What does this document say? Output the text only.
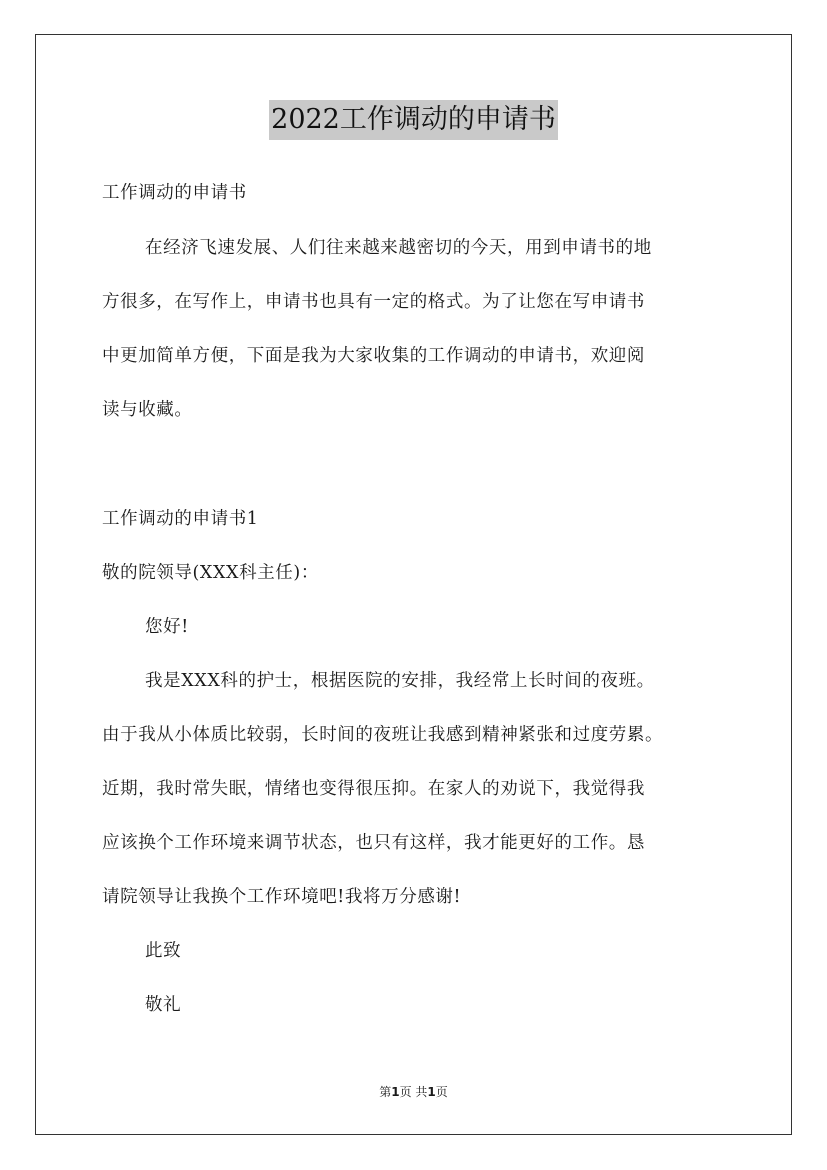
2022工作调动的申请书
工作调动的申请书
在经济飞速发展、人们往来越来越密切的今天，用到申请书的地
方很多，在写作上，申请书也具有一定的格式。为了让您在写申请书
中更加简单方便，下面是我为大家收集的工作调动的申请书，欢迎阅
读与收藏。
工作调动的申请书1
敬的院领导(XXX科主任)：
您好!
我是XXX科的护士，根据医院的安排，我经常上长时间的夜班。
由于我从小体质比较弱，长时间的夜班让我感到精神紧张和过度劳累。
近期，我时常失眠，情绪也变得很压抑。在家人的劝说下，我觉得我
应该换个工作环境来调节状态，也只有这样，我才能更好的工作。恳
请院领导让我换个工作环境吧!我将万分感谢!
此致
敬礼
第1页 共1页
